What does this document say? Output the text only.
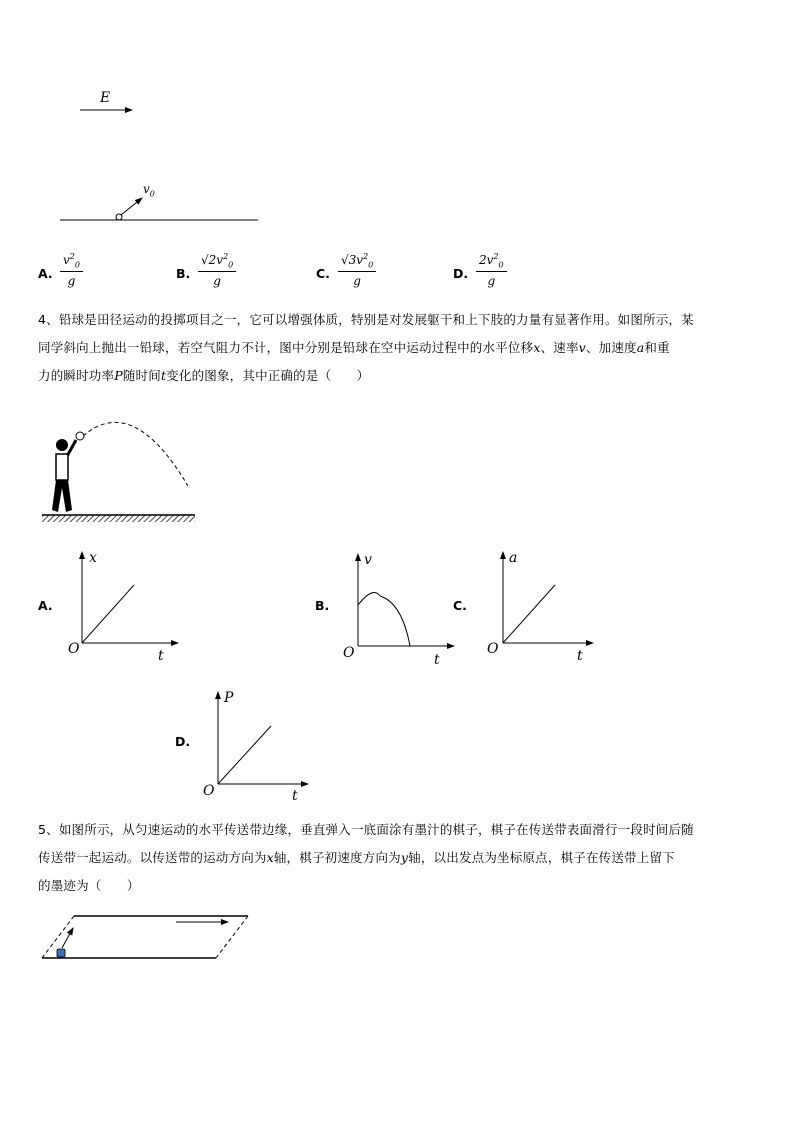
E
$v_0$
A. $\frac{v^2_0}{g}$	B. $\frac{√2v^2_0}{g}$	C. $\frac{√3v^2_0}{g}$	D. $\frac{2v^2_0}{g}$
4、铅球是田径运动的投掷项目之一，它可以增强体质，特别是对发展躯干和上下肢的力量有显著作用。如图所示，某
同学斜向上抛出一铅球，若空气阻力不计，图中分别是铅球在空中运动过程中的水平位移x、速率v、加速度a和重
力的瞬时功率P随时间t变化的图象，其中正确的是（　　）
A.
x
t
O
B.
v
t
O
C.
a
t
O
D.
P
t
O
5、如图所示，从匀速运动的水平传送带边缘，垂直弹入一底面涂有墨汁的棋子，棋子在传送带表面滑行一段时间后随
传送带一起运动。以传送带的运动方向为x轴，棋子初速度方向为y轴，以出发点为坐标原点，棋子在传送带上留下
的墨迹为（　　）
